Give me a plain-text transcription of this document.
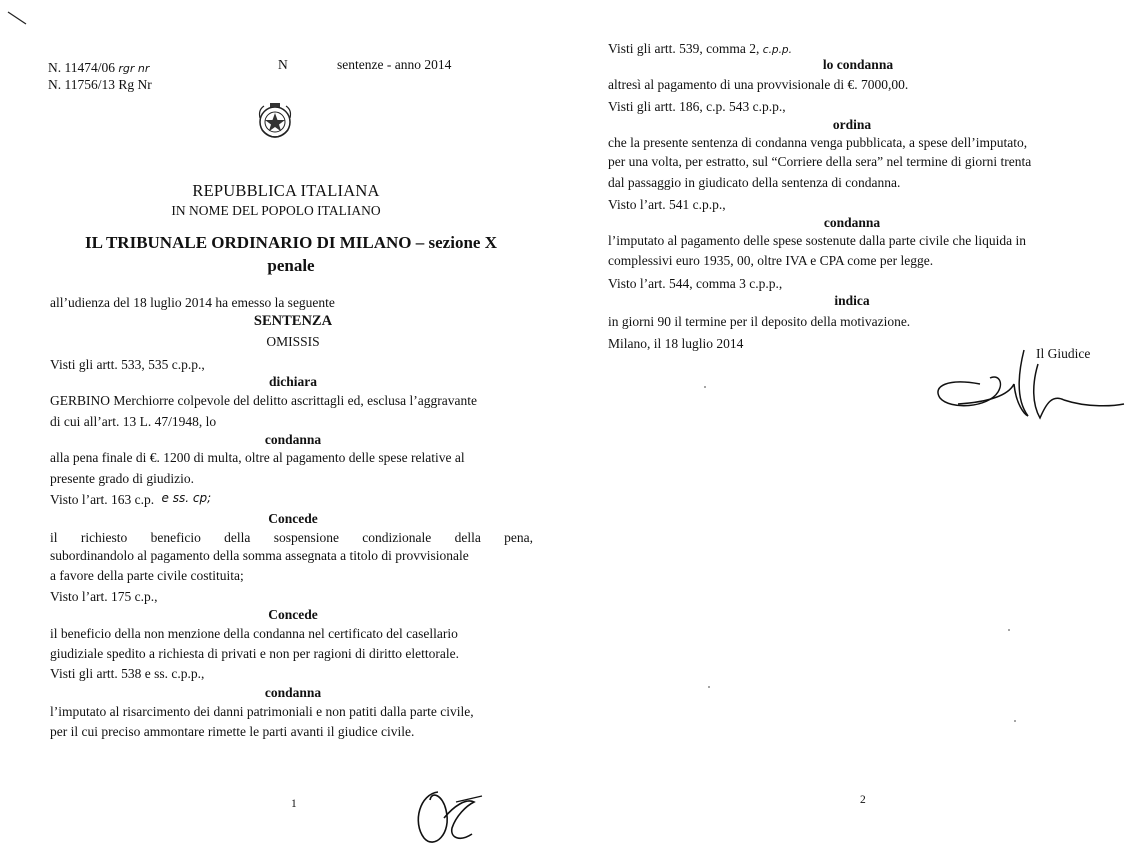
N. 11474/06 rgr nr
N. 11756/13 Rg Nr
N	sentenze - anno 2014
REPUBBLICA ITALIANA
IN NOME DEL POPOLO ITALIANO
IL TRIBUNALE ORDINARIO DI MILANO – sezione X
penale
all’udienza del 18 luglio 2014 ha emesso la seguente
SENTENZA
OMISSIS
Visti gli artt. 533, 535 c.p.p.,
dichiara
GERBINO Merchiorre colpevole del delitto ascrittagli ed, esclusa l’aggravante
di cui all’art. 13 L. 47/1948, lo
condanna
alla pena finale di €. 1200 di multa, oltre al pagamento delle spese relative al
presente grado di giudizio.
Visto l’art. 163 c.p. e ss. cp;
Concede
il richiesto beneficio della sospensione condizionale della pena,
subordinandolo al pagamento della somma assegnata a titolo di provvisionale
a favore della parte civile costituita;
Visto l’art. 175 c.p.,
Concede
il beneficio della non menzione della condanna nel certificato del casellario
giudiziale spedito a richiesta di privati e non per ragioni di diritto elettorale.
Visti gli artt. 538 e ss. c.p.p.,
condanna
l’imputato al risarcimento dei danni patrimoniali e non patiti dalla parte civile,
per il cui preciso ammontare rimette le parti avanti il giudice civile.
1
Visti gli artt. 539, comma 2, c.p.p.
lo condanna
altresì al pagamento di una provvisionale di €. 7000,00.
Visti gli artt. 186, c.p. 543 c.p.p.,
ordina
che la presente sentenza di condanna venga pubblicata, a spese dell’imputato,
per una volta, per estratto, sul “Corriere della sera” nel termine di giorni trenta
dal passaggio in giudicato della sentenza di condanna.
Visto l’art. 541 c.p.p.,
condanna
l’imputato al pagamento delle spese sostenute dalla parte civile che liquida in
complessivi euro 1935, 00, oltre IVA e CPA come per legge.
Visto l’art. 544, comma 3 c.p.p.,
indica
in giorni 90 il termine per il deposito della motivazione.
Milano, il 18 luglio 2014
Il Giudice
2
